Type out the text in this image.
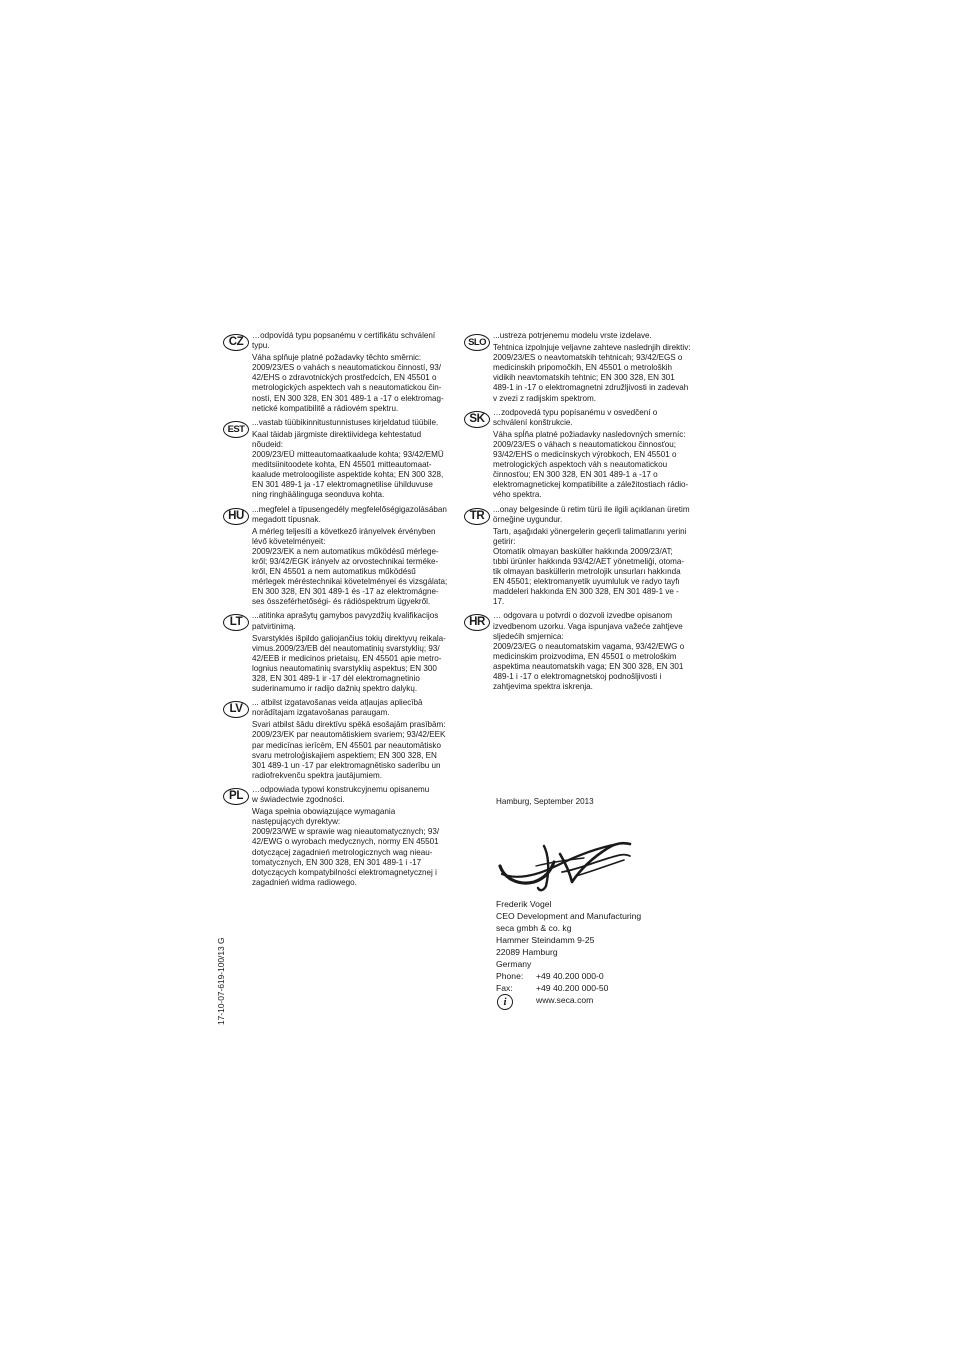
CZ
…odpovídá typu popsanému v certifikátu schválení
typu.
Váha splňuje platné požadavky těchto směrnic:
2009/23/ES o vahách s neautomatickou činností, 93/
42/EHS o zdravotnických prostředcích, EN 45501 o
metrologických aspektech vah s neautomatickou čin-
ností, EN 300 328, EN 301 489-1 a -17 o elektromag-
netické kompatibilitě a rádiovém spektru.
EST
...vastab tüübikinnitustunnistuses kirjeldatud tüübile.
Kaal täidab järgmiste direktiividega kehtestatud
nõudeid:
2009/23/EÜ mitteautomaatkaalude kohta; 93/42/EMÜ
meditsiinitoodete kohta, EN 45501 mitteautomaat-
kaalude metroloogiliste aspektide kohta; EN 300 328,
EN 301 489-1 ja -17 elektromagnetilise ühilduvuse
ning ringhäälinguga seonduva kohta.
HU
...megfelel a típusengedély megfelelőségigazolásában
megadott típusnak.
A mérleg teljesíti a következő irányelvek érvényben
lévő követelményeit:
2009/23/EK a nem automatikus működésű mérlege-
kről; 93/42/EGK irányelv az orvostechnikai terméke-
kről, EN 45501 a nem automatikus működésű
mérlegek méréstechnikai követelményei és vizsgálata;
EN 300 328, EN 301 489-1 és -17 az elektromágne-
ses összeférhetőségi- és rádióspektrum ügyekről.
LT
...atitinka aprašytų gamybos pavyzdžių kvalifikacijos
patvirtinimą.
Svarstyklės išpildo galiojančius tokių direktyvų reikala-
vimus.2009/23/EB dėl neautomatinių svarstyklių; 93/
42/EEB ir medicinos prietaisų, EN 45501 apie metro-
lognius neautomatinių svarstyklių aspektus; EN 300
328, EN 301 489-1 ir -17 dėl elektromagnetinio
suderinamumo ir radijo dažnių spektro dalykų.
LV
... atbilst izgatavošanas veida atļaujas apliecībā
norādītajam izgatavošanas paraugam.
Svari atbilst šādu direktīvu spēkā esošajām prasībām:
2009/23/EK par neautomātiskiem svariem; 93/42/EEK
par medicīnas ierīcēm, EN 45501 par neautomātisko
svaru metroloģiskajiem aspektiem; EN 300 328, EN
301 489-1 un -17 par elektromagnētisko saderību un
radiofrekvenču spektra jautājumiem.
PL
…odpowiada typowi konstrukcyjnemu opisanemu
w świadectwie zgodności.
Waga spełnia obowiązujące wymagania
następujących dyrektyw:
2009/23/WE w sprawie wag nieautomatycznych; 93/
42/EWG o wyrobach medycznych, normy EN 45501
dotyczącej zagadnień metrologicznych wag nieau-
tomatycznych, EN 300 328, EN 301 489-1 i -17
dotyczących kompatybilności elektromagnetycznej i
zagadnień widma radiowego.
SLO
...ustreza potrjenemu modelu vrste izdelave.
Tehtnica izpolnjuje veljavne zahteve naslednjih direktiv:
2009/23/ES o neavtomatskih tehtnicah; 93/42/EGS o
medicinskih pripomočkih, EN 45501 o metroloških
vidikih neavtomatskih tehtnic; EN 300 328, EN 301
489-1 in -17 o elektromagnetni združljivosti in zadevah
v zvezi z radijskim spektrom.
SK
…zodpovedá typu popísanému v osvedčení o
schválení konštrukcie.
Váha spĺňa platné požiadavky nasledovných smerníc:
2009/23/ES o váhach s neautomatickou činnosťou;
93/42/EHS o medicínskych výrobkoch, EN 45501 o
metrologických aspektoch váh s neautomatickou
činnosťou; EN 300 328, EN 301 489-1 a -17 o
elektromagnetickej kompatibilite a záležitostiach rádio-
vého spektra.
TR
...onay belgesinde ü retim türü ile ilgili açıklanan üretim
örneğine uygundur.
Tartı, aşağıdaki yönergelerin geçerli talimatlarını yerini
getirir:
Otomatik olmayan basküller hakkında 2009/23/AT;
tıbbi ürünler hakkında 93/42/AET yönetmeliği, otoma-
tik olmayan basküllerin metrolojik unsurları hakkında
EN 45501; elektromanyetik uyumluluk ve radyo tayfı
maddeleri hakkında EN 300 328, EN 301 489-1 ve -
17.
HR
… odgovara u potvrdi o dozvoli izvedbe opisanom
izvedbenom uzorku. Vaga ispunjava važeće zahtjeve
sljedećih smjernica:
2009/23/EG o neautomatskim vagama, 93/42/EWG o
medicinskim proizvodima, EN 45501 o metrološkim
aspektima neautomatskih vaga; EN 300 328, EN 301
489-1 i -17 o elektromagnetskoj podnošljivosti i
zahtjevima spektra iskrenja.
Hamburg, September 2013
Frederik Vogel
CEO Development and Manufacturing
seca gmbh & co. kg
Hammer Steindamm 9-25
22089 Hamburg
Germany
Phone: +49 40.200 000-0
Fax:	+49 40.200 000-50
www.seca.com
i
17-10-07-619-100/13 G
